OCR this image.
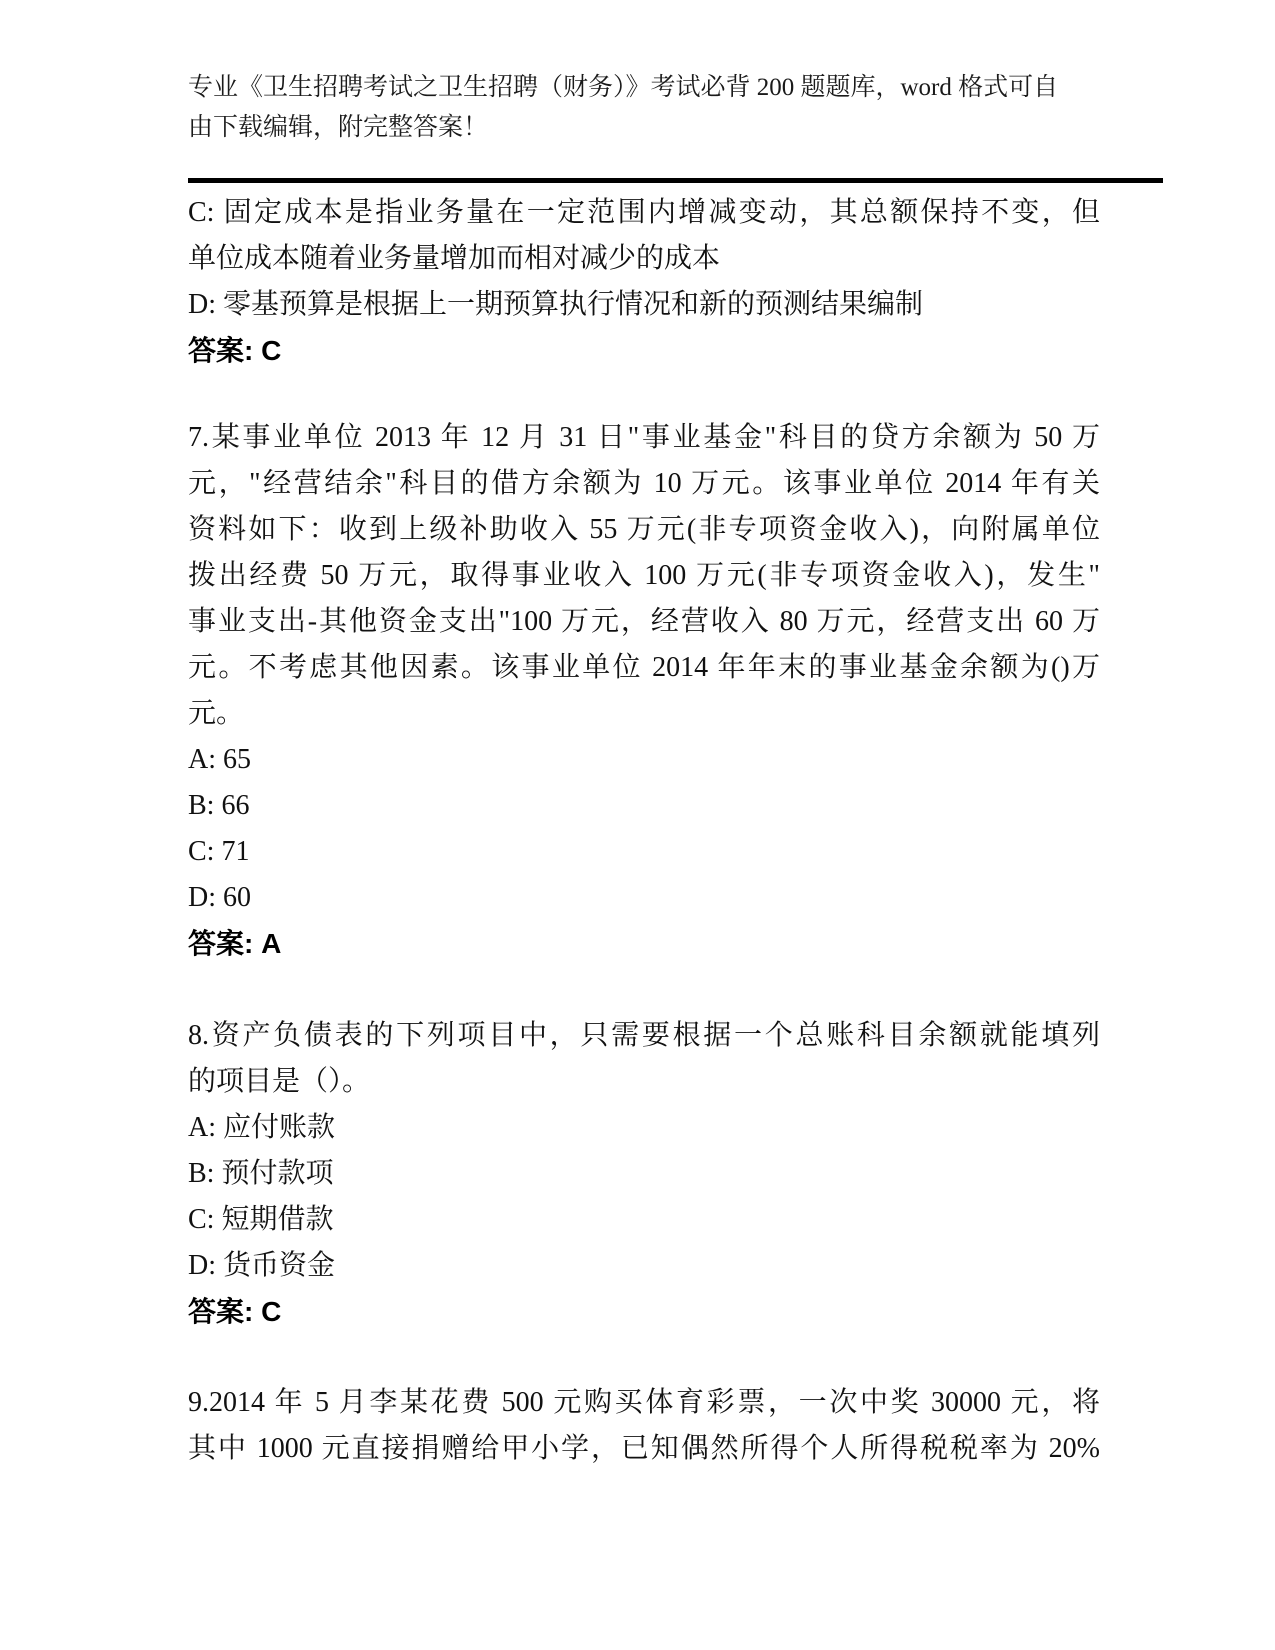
专业《卫生招聘考试之卫生招聘（财务）》考试必背 200 题题库，word 格式可自
由下载编辑，附完整答案！
C: 固定成本是指业务量在一定范围内增减变动，其总额保持不变，但
单位成本随着业务量增加而相对减少的成本
D: 零基预算是根据上一期预算执行情况和新的预测结果编制
答案: C
7.某事业单位 2013 年 12 月 31 日"事业基金"科目的贷方余额为 50 万
元，"经营结余"科目的借方余额为 10 万元。该事业单位 2014 年有关
资料如下：收到上级补助收入 55 万元(非专项资金收入)，向附属单位
拨出经费 50 万元，取得事业收入 100 万元(非专项资金收入)，发生"
事业支出-其他资金支出"100 万元，经营收入 80 万元，经营支出 60 万
元。不考虑其他因素。该事业单位 2014 年年末的事业基金余额为()万
元。
A: 65
B: 66
C: 71
D: 60
答案: A
8.资产负债表的下列项目中，只需要根据一个总账科目余额就能填列
的项目是（）。
A: 应付账款
B: 预付款项
C: 短期借款
D: 货币资金
答案: C
9.2014 年 5 月李某花费 500 元购买体育彩票，一次中奖 30000 元，将
其中 1000 元直接捐赠给甲小学，已知偶然所得个人所得税税率为 20%
